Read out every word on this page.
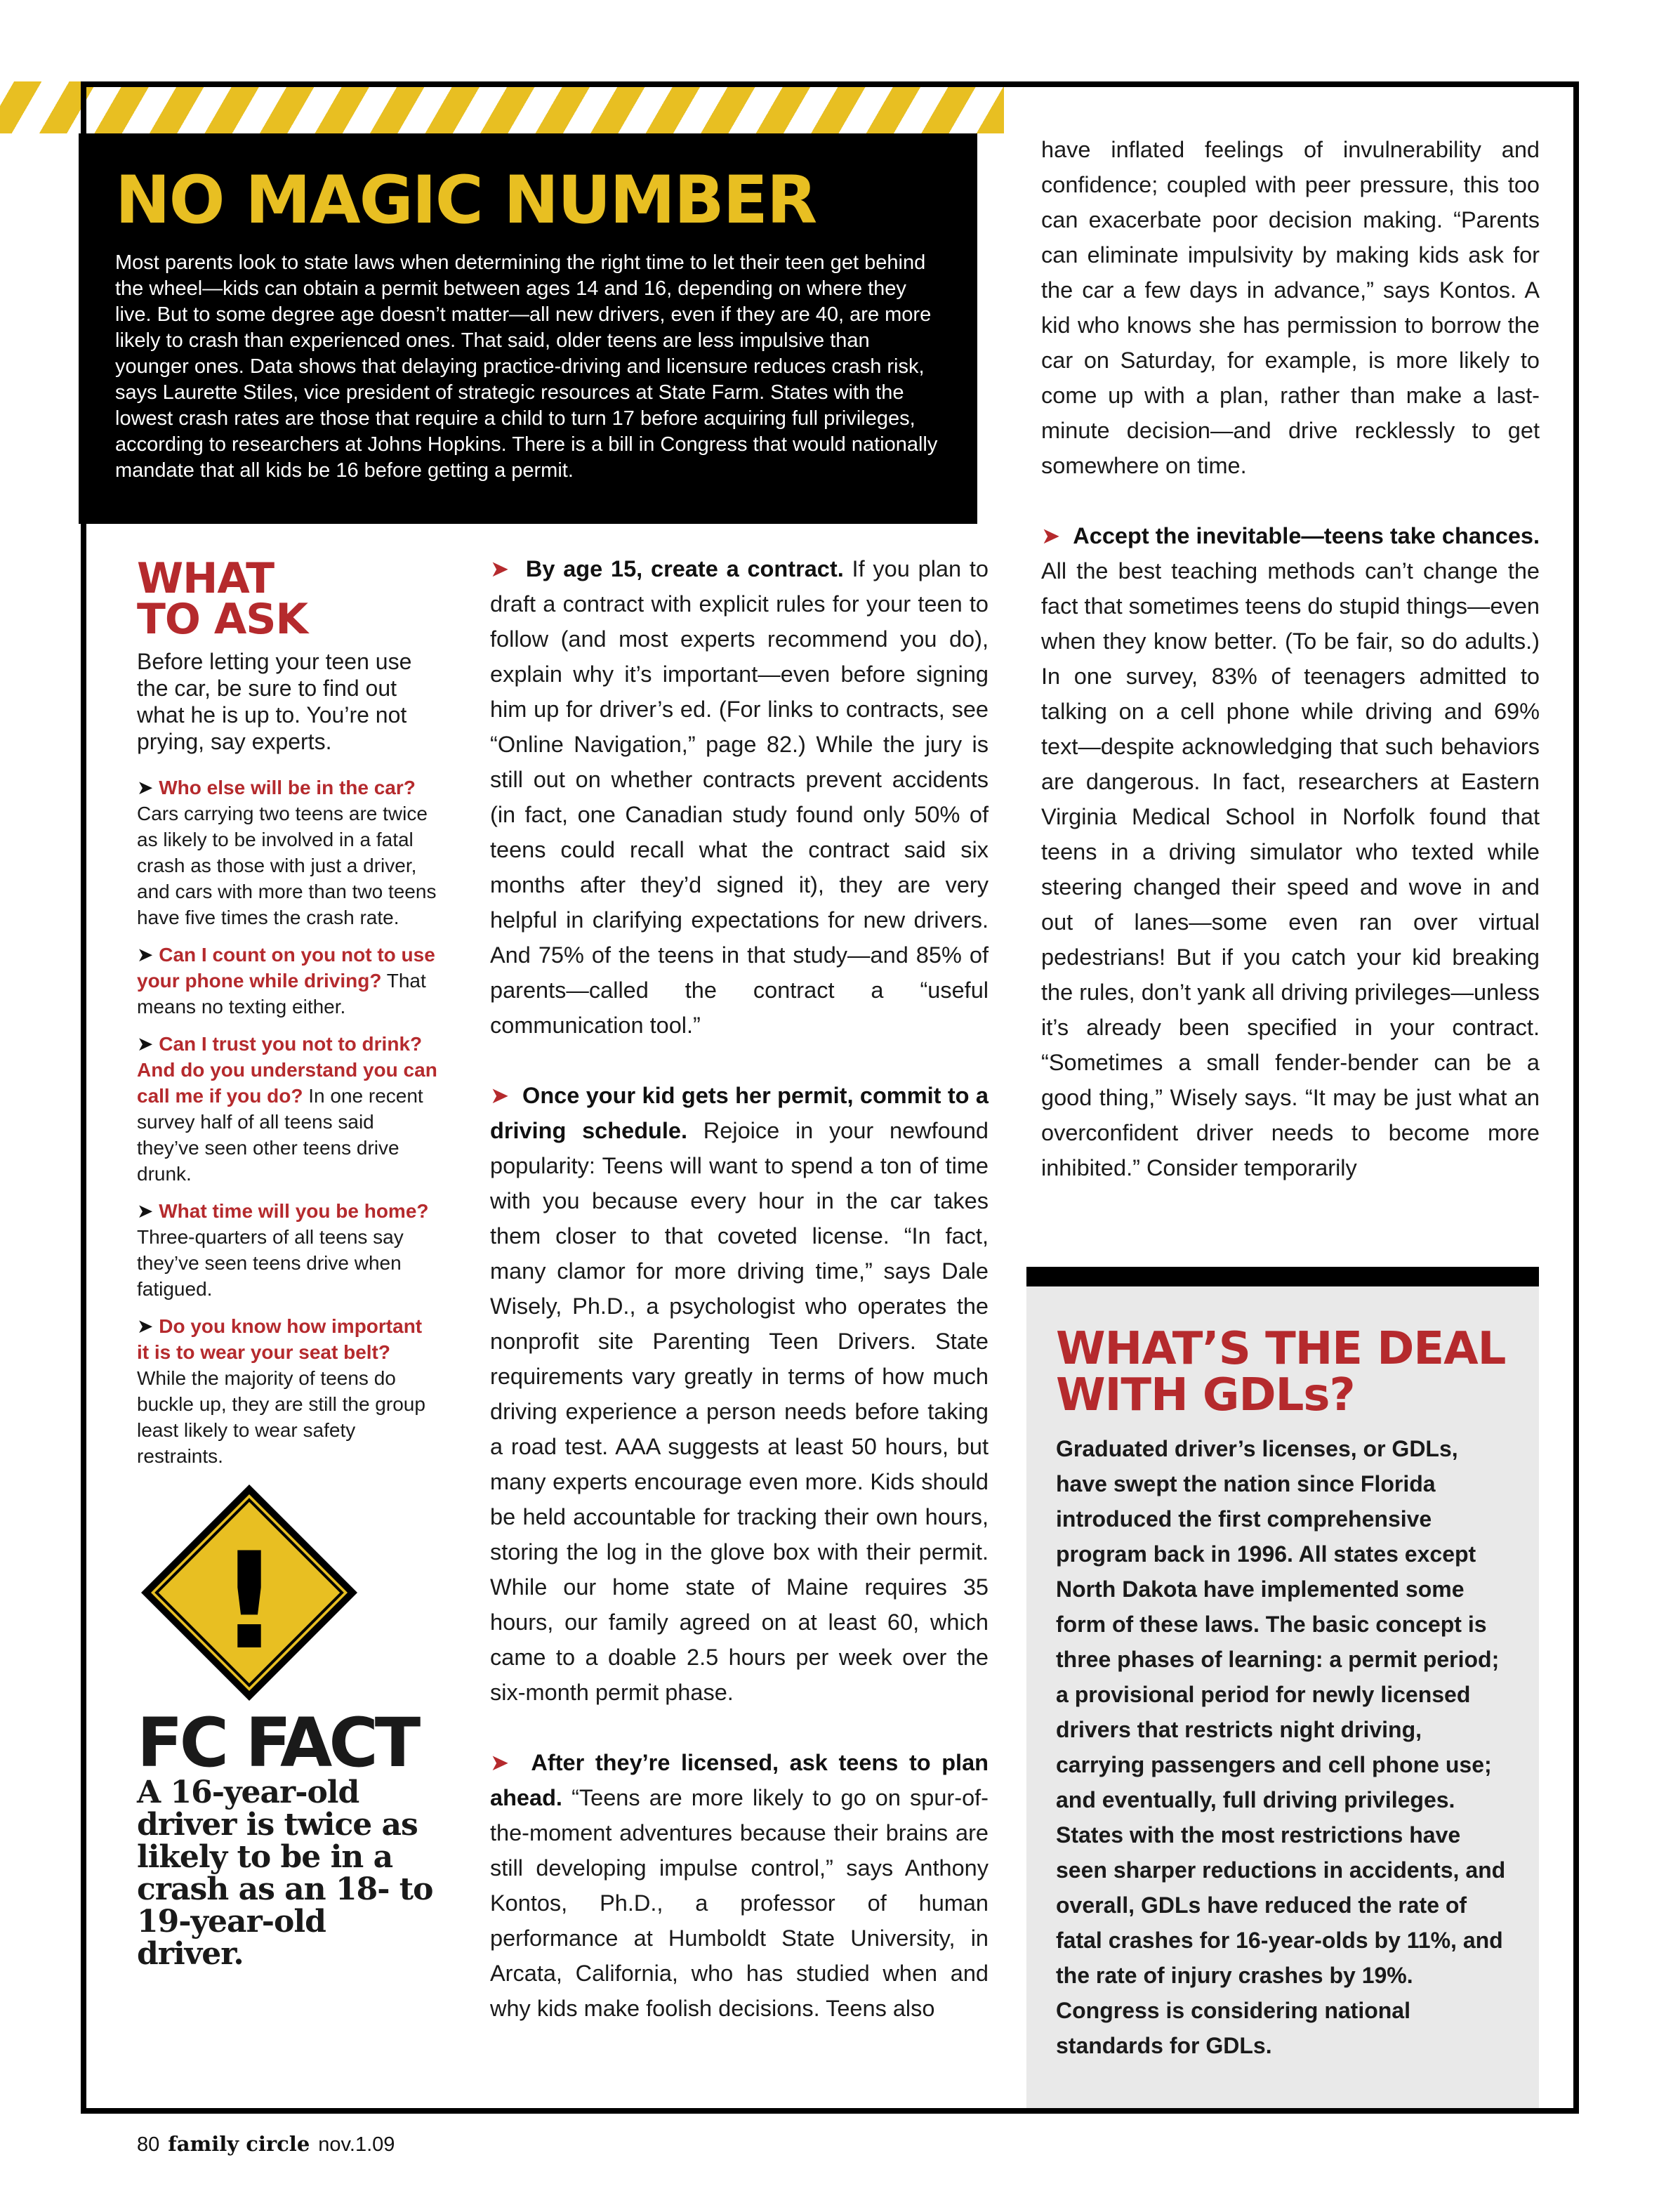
NO MAGIC NUMBER

Most parents look to state laws when determining the right time to let their teen get behind the wheel—kids can obtain a permit between ages 14 and 16, depending on where they live. But to some degree age doesn’t matter—all new drivers, even if they are 40, are more likely to crash than experienced ones. That said, older teens are less impulsive than younger ones. Data shows that delaying practice-driving and licensure reduces crash risk, says Laurette Stiles, vice president of strategic resources at State Farm. States with the lowest crash rates are those that require a child to turn 17 before acquiring full privileges, according to researchers at Johns Hopkins. There is a bill in Congress that would nationally mandate that all kids be 16 before getting a permit.

WHAT
TO ASK

Before letting your teen use the car, be sure to find out what he is up to. You’re not prying, say experts.

➤ Who else will be in the car? Cars carrying two teens are twice as likely to be involved in a fatal crash as those with just a driver, and cars with more than two teens have five times the crash rate.

➤ Can I count on you not to use your phone while driving? That means no texting either.

➤ Can I trust you not to drink? And do you understand you can call me if you do? In one recent survey half of all teens said they’ve seen other teens drive drunk.

➤ What time will you be home? Three-quarters of all teens say they’ve seen teens drive when fatigued.

➤ Do you know how important it is to wear your seat belt? While the majority of teens do buckle up, they are still the group least likely to wear safety restraints.

!
FC FACT

A 16-year-old driver is twice as likely to be in a crash as an 18- to 19-year-old driver.

➤ By age 15, create a contract. If you plan to draft a contract with explicit rules for your teen to follow (and most experts recommend you do), explain why it’s important—even before signing him up for driver’s ed. (For links to contracts, see “Online Navigation,” page 82.) While the jury is still out on whether contracts prevent accidents (in fact, one Canadian study found only 50% of teens could recall what the contract said six months after they’d signed it), they are very helpful in clarifying expectations for new drivers. And 75% of the teens in that study—and 85% of parents—called the contract a “useful communication tool.”

➤ Once your kid gets her permit, commit to a driving schedule. Rejoice in your newfound popularity: Teens will want to spend a ton of time with you because every hour in the car takes them closer to that coveted license. “In fact, many clamor for more driving time,” says Dale Wisely, Ph.D., a psychologist who operates the nonprofit site Parenting Teen Drivers. State requirements vary greatly in terms of how much driving experience a person needs before taking a road test. AAA suggests at least 50 hours, but many experts encourage even more. Kids should be held accountable for tracking their own hours, storing the log in the glove box with their permit. While our home state of Maine requires 35 hours, our family agreed on at least 60, which came to a doable 2.5 hours per week over the six-month permit phase.

➤ After they’re licensed, ask teens to plan ahead. “Teens are more likely to go on spur-of-the-moment adventures because their brains are still developing impulse control,” says Anthony Kontos, Ph.D., a professor of human performance at Humboldt State University, in Arcata, California, who has studied when and why kids make foolish decisions. Teens also

have inflated feelings of invulnerability and confidence; coupled with peer pressure, this too can exacerbate poor decision making. “Parents can eliminate impulsivity by making kids ask for the car a few days in advance,” says Kontos. A kid who knows she has permission to borrow the car on Saturday, for example, is more likely to come up with a plan, rather than make a last-minute decision—and drive recklessly to get somewhere on time.

➤ Accept the inevitable—teens take chances. All the best teaching methods can’t change the fact that sometimes teens do stupid things—even when they know better. (To be fair, so do adults.) In one survey, 83% of teenagers admitted to talking on a cell phone while driving and 69% text—despite acknowledging that such behaviors are dangerous. In fact, researchers at Eastern Virginia Medical School in Norfolk found that teens in a driving simulator who texted while steering changed their speed and wove in and out of lanes—some even ran over virtual pedestrians! But if you catch your kid breaking the rules, don’t yank all driving privileges—unless it’s already been specified in your contract. “Sometimes a small fender-bender can be a good thing,” Wisely says. “It may be just what an overconfident driver needs to become more inhibited.” Consider temporarily

WHAT’S THE DEAL
WITH GDLs?

Graduated driver’s licenses, or GDLs, have swept the nation since Florida introduced the first comprehensive program back in 1996. All states except North Dakota have implemented some form of these laws. The basic concept is three phases of learning: a permit period; a provisional period for newly licensed drivers that restricts night driving, carrying passengers and cell phone use; and eventually, full driving privileges. States with the most restrictions have seen sharper reductions in accidents, and overall, GDLs have reduced the rate of fatal crashes for 16-year-olds by 11%, and the rate of injury crashes by 19%. Congress is considering national standards for GDLs.

80 family circle nov.1.09
